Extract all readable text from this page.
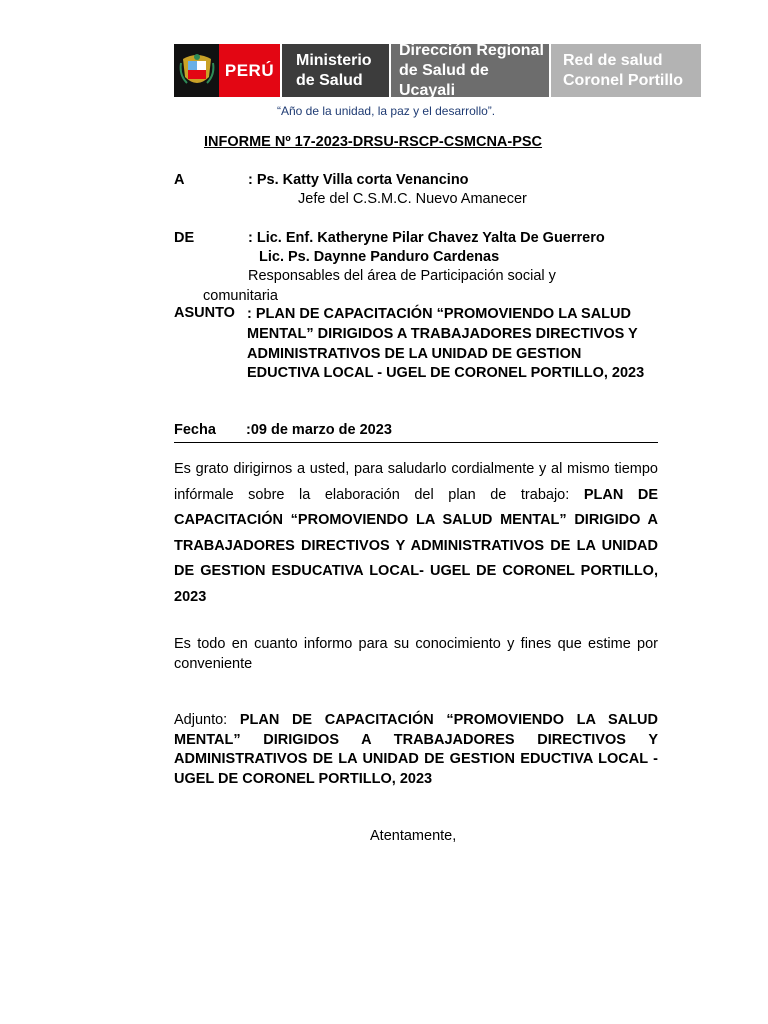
PERÚ
Ministerio
de Salud
Dirección Regional
de Salud de Ucayali
Red de salud
Coronel Portillo
“Año de la unidad, la paz y el desarrollo”.
INFORME Nº 17-2023-DRSU-RSCP-CSMCNA-PSC
A	: Ps. Katty Villa corta Venancino
Jefe del C.S.M.C. Nuevo Amanecer
DE	: Lic. Enf. Katheryne Pilar Chavez Yalta De Guerrero
Lic. Ps. Daynne Panduro Cardenas
Responsables del área de Participación social y
comunitaria
ASUNTO : PLAN DE CAPACITACIÓN “PROMOVIENDO LA SALUD MENTAL” DIRIGIDOS A TRABAJADORES DIRECTIVOS Y ADMINISTRATIVOS DE LA UNIDAD DE GESTION EDUCTIVA LOCAL - UGEL DE CORONEL PORTILLO, 2023
Fecha :09 de marzo de 2023
Es grato dirigirnos a usted, para saludarlo cordialmente y al mismo tiempo infórmale sobre la elaboración del plan de trabajo: PLAN DE CAPACITACIÓN “PROMOVIENDO LA SALUD MENTAL” DIRIGIDO A TRABAJADORES DIRECTIVOS Y ADMINISTRATIVOS DE LA UNIDAD DE GESTION ESDUCATIVA LOCAL- UGEL DE CORONEL PORTILLO, 2023
Es todo en cuanto informo para su conocimiento y fines que estime por conveniente
Adjunto: PLAN DE CAPACITACIÓN “PROMOVIENDO LA SALUD MENTAL” DIRIGIDOS A TRABAJADORES DIRECTIVOS Y ADMINISTRATIVOS DE LA UNIDAD DE GESTION EDUCTIVA LOCAL - UGEL DE CORONEL PORTILLO, 2023
Atentamente,
